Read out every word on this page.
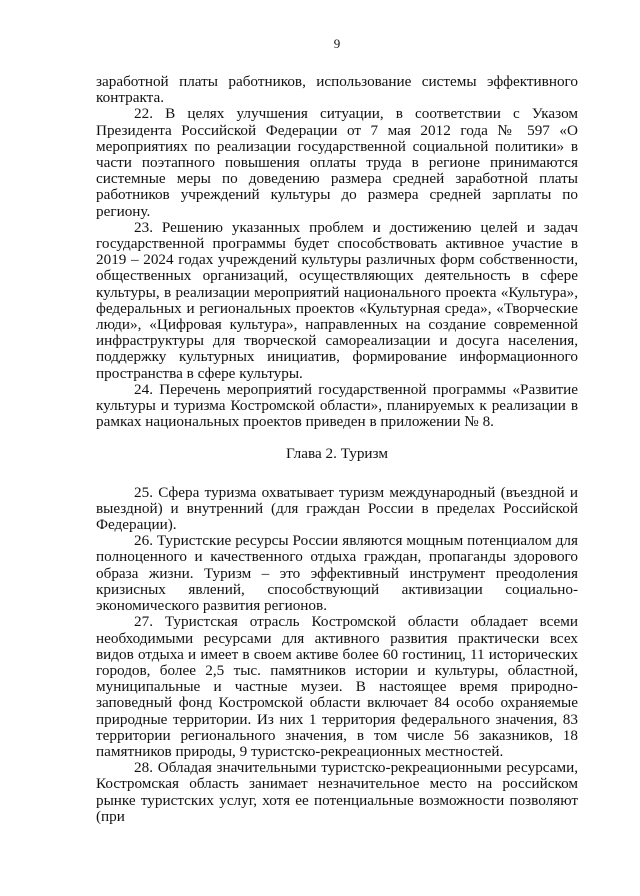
9

заработной платы работников, использование системы эффективного контракта.

22. В целях улучшения ситуации, в соответствии с Указом Президента Российской Федерации от 7 мая 2012 года № 597 «О мероприятиях по реализации государственной социальной политики» в части поэтапного повышения оплаты труда в регионе принимаются системные меры по доведению размера средней заработной платы работников учреждений культуры до размера средней зарплаты по региону.

23. Решению указанных проблем и достижению целей и задач государственной программы будет способствовать активное участие в 2019 – 2024 годах учреждений культуры различных форм собственности, общественных организаций, осуществляющих деятельность в сфере культуры, в реализации мероприятий национального проекта «Культура», федеральных и региональных проектов «Культурная среда», «Творческие люди», «Цифровая культура», направленных на создание современной инфраструктуры для творческой самореализации и досуга населения, поддержку культурных инициатив, формирование информационного пространства в сфере культуры.

24. Перечень мероприятий государственной программы «Развитие культуры и туризма Костромской области», планируемых к реализации в рамках национальных проектов приведен в приложении № 8.

Глава 2. Туризм

25. Сфера туризма охватывает туризм международный (въездной и выездной) и внутренний (для граждан России в пределах Российской Федерации).

26. Туристские ресурсы России являются мощным потенциалом для полноценного и качественного отдыха граждан, пропаганды здорового образа жизни. Туризм – это эффективный инструмент преодоления кризисных явлений, способствующий активизации социально-экономического развития регионов.

27. Туристская отрасль Костромской области обладает всеми необходимыми ресурсами для активного развития практически всех видов отдыха и имеет в своем активе более 60 гостиниц, 11 исторических городов, более 2,5 тыс. памятников истории и культуры, областной, муниципальные и частные музеи. В настоящее время природно-заповедный фонд Костромской области включает 84 особо охраняемые природные территории. Из них 1 территория федерального значения, 83 территории регионального значения, в том числе 56 заказников, 18 памятников природы, 9 туристско-рекреационных местностей.

28. Обладая значительными туристско-рекреационными ресурсами, Костромская область занимает незначительное место на российском рынке туристских услуг, хотя ее потенциальные возможности позволяют (при
